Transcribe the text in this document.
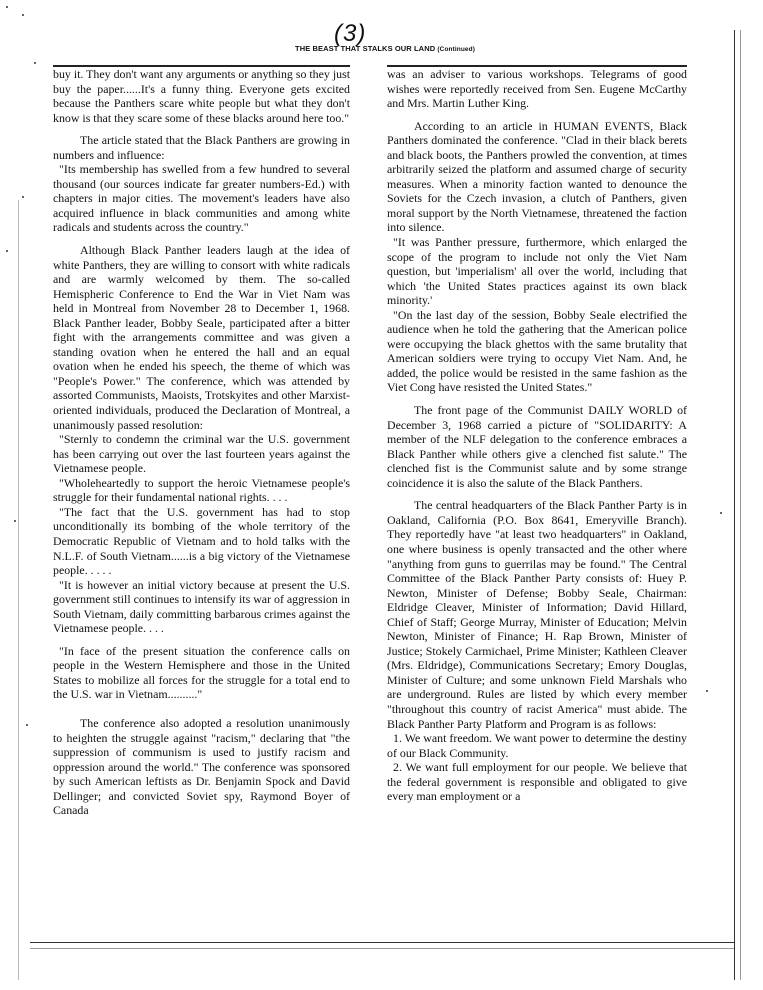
(3)
THE BEAST THAT STALKS OUR LAND (Continued)

buy it. They don't want any arguments or anything so they just buy the paper......It's a funny thing. Everyone gets excited because the Panthers scare white people but what they don't know is that they scare some of these blacks around here too."

The article stated that the Black Panthers are growing in numbers and influence:

"Its membership has swelled from a few hundred to several thousand (our sources indicate far greater numbers-Ed.) with chapters in major cities. The movement's leaders have also acquired influence in black communities and among white radicals and students across the country."

Although Black Panther leaders laugh at the idea of white Panthers, they are willing to consort with white radicals and are warmly welcomed by them. The so-called Hemispheric Conference to End the War in Viet Nam was held in Montreal from November 28 to December 1, 1968. Black Panther leader, Bobby Seale, participated after a bitter fight with the arrangements committee and was given a standing ovation when he entered the hall and an equal ovation when he ended his speech, the theme of which was "People's Power." The conference, which was attended by assorted Communists, Maoists, Trotskyites and other Marxist-oriented individuals, produced the Declaration of Montreal, a unanimously passed resolution:

"Sternly to condemn the criminal war the U.S. government has been carrying out over the last fourteen years against the Vietnamese people.

"Wholeheartedly to support the heroic Vietnamese people's struggle for their fundamental national rights. . . .

"The fact that the U.S. government has had to stop unconditionally its bombing of the whole territory of the Democratic Republic of Vietnam and to hold talks with the N.L.F. of South Vietnam......is a big victory of the Vietnamese people. . . . .

"It is however an initial victory because at present the U.S. government still continues to intensify its war of aggression in South Vietnam, daily committing barbarous crimes against the Vietnamese people. . . .

"In face of the present situation the conference calls on people in the Western Hemisphere and those in the United States to mobilize all forces for the struggle for a total end to the U.S. war in Vietnam.........."

The conference also adopted a resolution unanimously to heighten the struggle against "racism," declaring that "the suppression of communism is used to justify racism and oppression around the world." The conference was sponsored by such American leftists as Dr. Benjamin Spock and David Dellinger; and convicted Soviet spy, Raymond Boyer of Canada

was an adviser to various workshops. Telegrams of good wishes were reportedly received from Sen. Eugene McCarthy and Mrs. Martin Luther King.

According to an article in HUMAN EVENTS, Black Panthers dominated the conference. "Clad in their black berets and black boots, the Panthers prowled the convention, at times arbitrarily seized the platform and assumed charge of security measures. When a minority faction wanted to denounce the Soviets for the Czech invasion, a clutch of Panthers, given moral support by the North Vietnamese, threatened the faction into silence.

"It was Panther pressure, furthermore, which enlarged the scope of the program to include not only the Viet Nam question, but 'imperialism' all over the world, including that which 'the United States practices against its own black minority.'

"On the last day of the session, Bobby Seale electrified the audience when he told the gathering that the American police were occupying the black ghettos with the same brutality that American soldiers were trying to occupy Viet Nam. And, he added, the police would be resisted in the same fashion as the Viet Cong have resisted the United States."

The front page of the Communist DAILY WORLD of December 3, 1968 carried a picture of "SOLIDARITY: A member of the NLF delegation to the conference embraces a Black Panther while others give a clenched fist salute." The clenched fist is the Communist salute and by some strange coincidence it is also the salute of the Black Panthers.

The central headquarters of the Black Panther Party is in Oakland, California (P.O. Box 8641, Emeryville Branch). They reportedly have "at least two headquarters" in Oakland, one where business is openly transacted and the other where "anything from guns to guerrilas may be found." The Central Committee of the Black Panther Party consists of: Huey P. Newton, Minister of Defense; Bobby Seale, Chairman: Eldridge Cleaver, Minister of Information; David Hillard, Chief of Staff; George Murray, Minister of Education; Melvin Newton, Minister of Finance; H. Rap Brown, Minister of Justice; Stokely Carmichael, Prime Minister; Kathleen Cleaver (Mrs. Eldridge), Communications Secretary; Emory Douglas, Minister of Culture; and some unknown Field Marshals who are underground. Rules are listed by which every member "throughout this country of racist America" must abide. The Black Panther Party Platform and Program is as follows:

1. We want freedom. We want power to determine the destiny of our Black Community.

2. We want full employment for our people. We believe that the federal government is responsible and obligated to give every man employment or a
